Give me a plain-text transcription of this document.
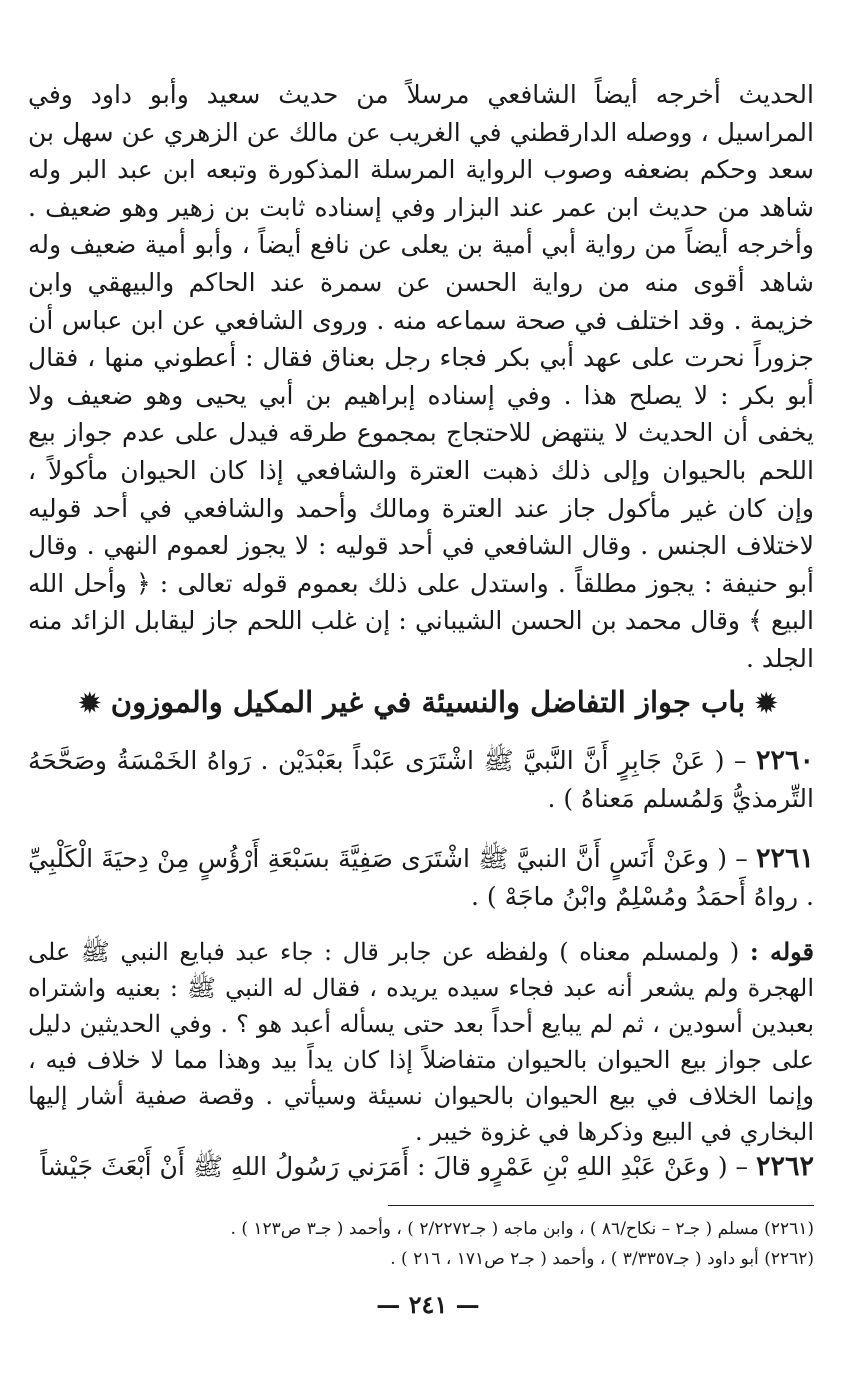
الحديث أخرجه أيضاً الشافعي مرسلاً من حديث سعيد وأبو داود وفي المراسيل ، ووصله الدارقطني في الغريب عن مالك عن الزهري عن سهل بن سعد وحكم بضعفه وصوب الرواية المرسلة المذكورة وتبعه ابن عبد البر وله شاهد من حديث ابن عمر عند البزار وفي إسناده ثابت بن زهير وهو ضعيف . وأخرجه أيضاً من رواية أبي أمية بن يعلى عن نافع أيضاً ، وأبو أمية ضعيف وله شاهد أقوى منه من رواية الحسن عن سمرة عند الحاكم والبيهقي وابن خزيمة . وقد اختلف في صحة سماعه منه . وروى الشافعي عن ابن عباس أن جزوراً نحرت على عهد أبي بكر فجاء رجل بعناق فقال : أعطوني منها ، فقال أبو بكر : لا يصلح هذا . وفي إسناده إبراهيم بن أبي يحيى وهو ضعيف ولا يخفى أن الحديث لا ينتهض للاحتجاج بمجموع طرقه فيدل على عدم جواز بيع اللحم بالحيوان وإلى ذلك ذهبت العترة والشافعي إذا كان الحيوان مأكولاً ، وإن كان غير مأكول جاز عند العترة ومالك وأحمد والشافعي في أحد قوليه لاختلاف الجنس . وقال الشافعي في أحد قوليه : لا يجوز لعموم النهي . وقال أبو حنيفة : يجوز مطلقاً . واستدل على ذلك بعموم قوله تعالى : ﴿ وأحل الله البيع ﴾ وقال محمد بن الحسن الشيباني : إن غلب اللحم جاز ليقابل الزائد منه الجلد .

✹ باب جواز التفاضل والنسيئة في غير المكيل والموزون ✹

٢٢٦٠ – ( عَنْ جَابِرٍ أَنَّ النَّبيَّ ﷺ اشْتَرَى عَبْداً بعَبْدَيْن . رَواهُ الخَمْسَةُ وصَحَّحَهُ التِّرمذيُّ وَلمُسلم مَعناهُ ) .

٢٢٦١ – ( وعَنْ أَنَسٍ أَنَّ النبيَّ ﷺ اشْتَرَى صَفِيَّةَ بسَبْعَةِ أَرْؤُسٍ مِنْ دِحيَةَ الْكَلْبِيِّ . رواهُ أَحمَدُ ومُسْلِمٌ وابْنُ ماجَهْ ) .

قوله : ( ولمسلم معناه ) ولفظه عن جابر قال : جاء عبد فبايع النبي ﷺ على الهجرة ولم يشعر أنه عبد فجاء سيده يريده ، فقال له النبي ﷺ : بعنيه واشتراه بعبدين أسودين ، ثم لم يبايع أحداً بعد حتى يسأله أعبد هو ؟ . وفي الحديثين دليل على جواز بيع الحيوان بالحيوان متفاضلاً إذا كان يداً بيد وهذا مما لا خلاف فيه ، وإنما الخلاف في بيع الحيوان بالحيوان نسيئة وسيأتي . وقصة صفية أشار إليها البخاري في البيع وذكرها في غزوة خيبر .

٢٢٦٢ – ( وعَنْ عَبْدِ اللهِ بْنِ عَمْرٍو قالَ : أَمَرَني رَسُولُ اللهِ ﷺ أَنْ أَبْعَثَ جَيْشاً

(٢٢٦١) مسلم ( جـ٢ – نكاح/٨٦ ) ، وابن ماجه ( جـ٢/٢٢٧٢ ) ، وأحمد ( جـ٣ ص١٢٣ ) .

(٢٢٦٢) أبو داود ( جـ٣/٣٣٥٧ ) ، وأحمد ( جـ٢ ص١٧١ ، ٢١٦ ) .

— ٢٤١ —
